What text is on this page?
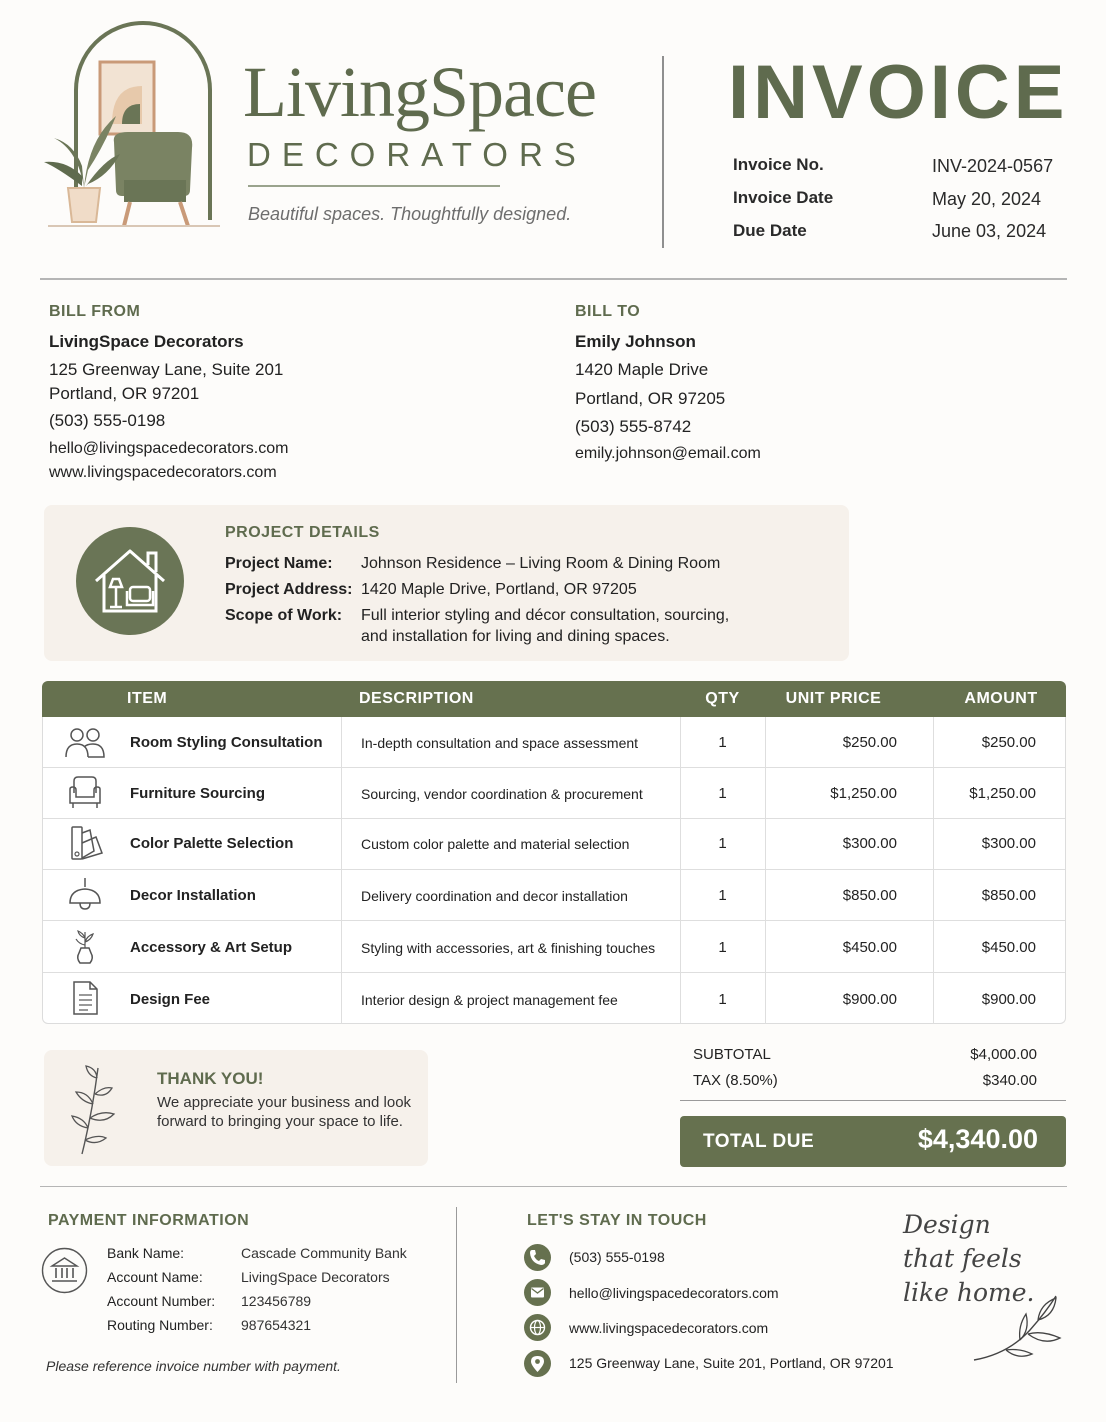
LivingSpace
DECORATORS
Beautiful spaces. Thoughtfully designed.
INVOICE
Invoice No.	INV-2024-0567
Invoice Date	May 20, 2024
Due Date	June 03, 2024
BILL FROM
LivingSpace Decorators
125 Greenway Lane, Suite 201
Portland, OR 97201
(503) 555-0198
hello@livingspacedecorators.com
www.livingspacedecorators.com
BILL TO
Emily Johnson
1420 Maple Drive
Portland, OR 97205
(503) 555-8742
emily.johnson@email.com
PROJECT DETAILS
Project Name: Johnson Residence – Living Room & Dining Room
Project Address: 1420 Maple Drive, Portland, OR 97205
Scope of Work: Full interior styling and décor consultation, sourcing,
and installation for living and dining spaces.
ITEM	DESCRIPTION	QTY	UNIT PRICE	AMOUNT
Room Styling Consultation	In-depth consultation and space assessment	1	$250.00	$250.00
Furniture Sourcing	Sourcing, vendor coordination & procurement	1	$1,250.00	$1,250.00
Color Palette Selection	Custom color palette and material selection	1	$300.00	$300.00
Decor Installation	Delivery coordination and decor installation	1	$850.00	$850.00
Accessory & Art Setup	Styling with accessories, art & finishing touches	1	$450.00	$450.00
Design Fee	Interior design & project management fee	1	$900.00	$900.00
THANK YOU!
We appreciate your business and look forward to bringing your space to life.
SUBTOTAL	$4,000.00
TAX (8.50%)	$340.00
TOTAL DUE	$4,340.00
PAYMENT INFORMATION
Bank Name:	Cascade Community Bank
Account Name:	LivingSpace Decorators
Account Number: 123456789
Routing Number: 987654321
Please reference invoice number with payment.
LET'S STAY IN TOUCH
(503) 555-0198
hello@livingspacedecorators.com
www.livingspacedecorators.com
125 Greenway Lane, Suite 201, Portland, OR 97201
Design
that feels
like home.
